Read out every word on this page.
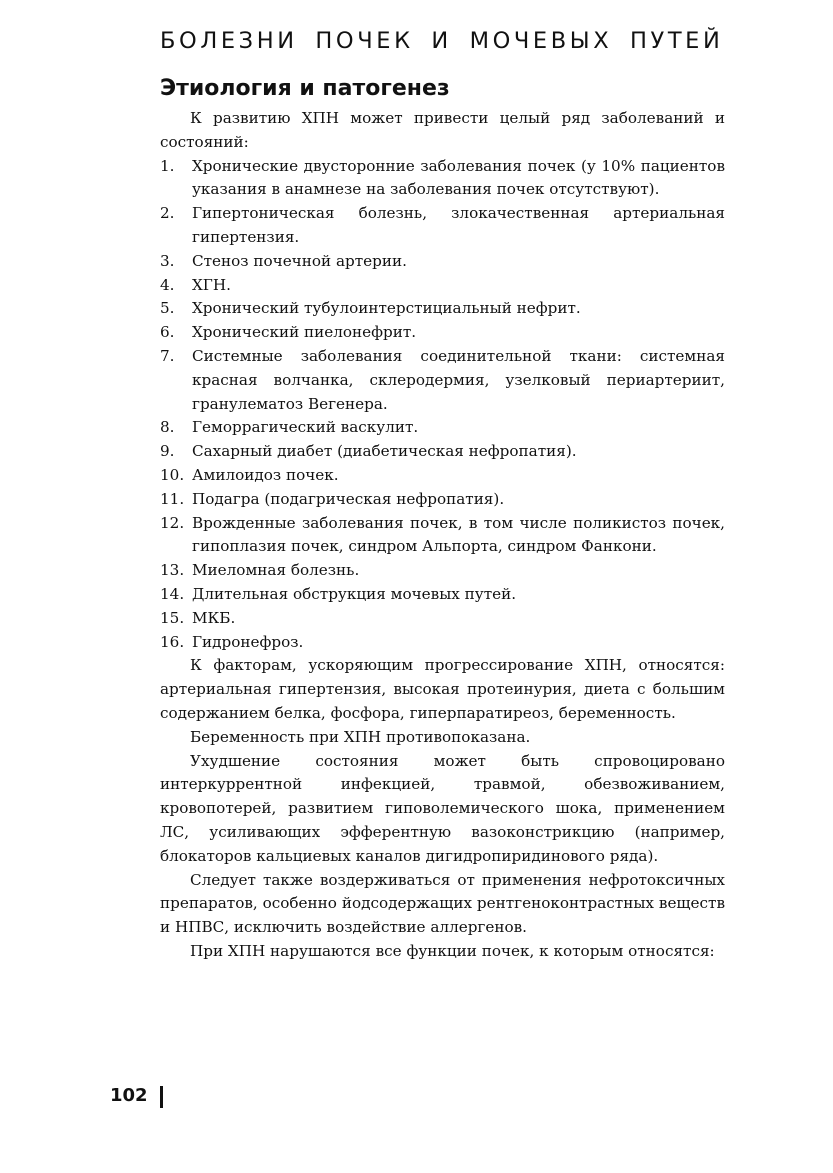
БОЛЕЗНИ ПОЧЕК И МОЧЕВЫХ ПУТЕЙ
Этиология и патогенез

К развитию ХПН может привести целый ряд заболеваний и состояний:

1. Хронические двусторонние заболевания почек (у 10% пациентов указания в анамнезе на заболевания почек отсутствуют).
2. Гипертоническая болезнь, злокачественная артериальная гипертензия.
3. Стеноз почечной артерии.
4. ХГН.
5. Хронический тубулоинтерстициальный нефрит.
6. Хронический пиелонефрит.
7. Системные заболевания соединительной ткани: системная красная волчанка, склеродермия, узелковый периартериит, гранулематоз Вегенера.
8. Геморрагический васкулит.
9. Сахарный диабет (диабетическая нефропатия).
10. Амилоидоз почек.
11. Подагра (подагрическая нефропатия).
12. Врожденные заболевания почек, в том числе поликистоз почек, гипоплазия почек, синдром Альпорта, синдром Фанкони.
13. Миеломная болезнь.
14. Длительная обструкция мочевых путей.
15. МКБ.
16. Гидронефроз.

К факторам, ускоряющим прогрессирование ХПН, относятся: артериальная гипертензия, высокая протеинурия, диета с большим содержанием белка, фосфора, гиперпаратиреоз, беременность.

Беременность при ХПН противопоказана.

Ухудшение состояния может быть спровоцировано интеркуррентной инфекцией, травмой, обезвоживанием, кровопотерей, развитием гиповолемического шока, применением ЛС, усиливающих эфферентную вазоконстрикцию (например, блокаторов кальциевых каналов дигидропиридинового ряда).

Следует также воздерживаться от применения нефротоксичных препаратов, особенно йодсодержащих рентгеноконтрастных веществ и НПВС, исключить воздействие аллергенов.

При ХПН нарушаются все функции почек, к которым относятся:

102
